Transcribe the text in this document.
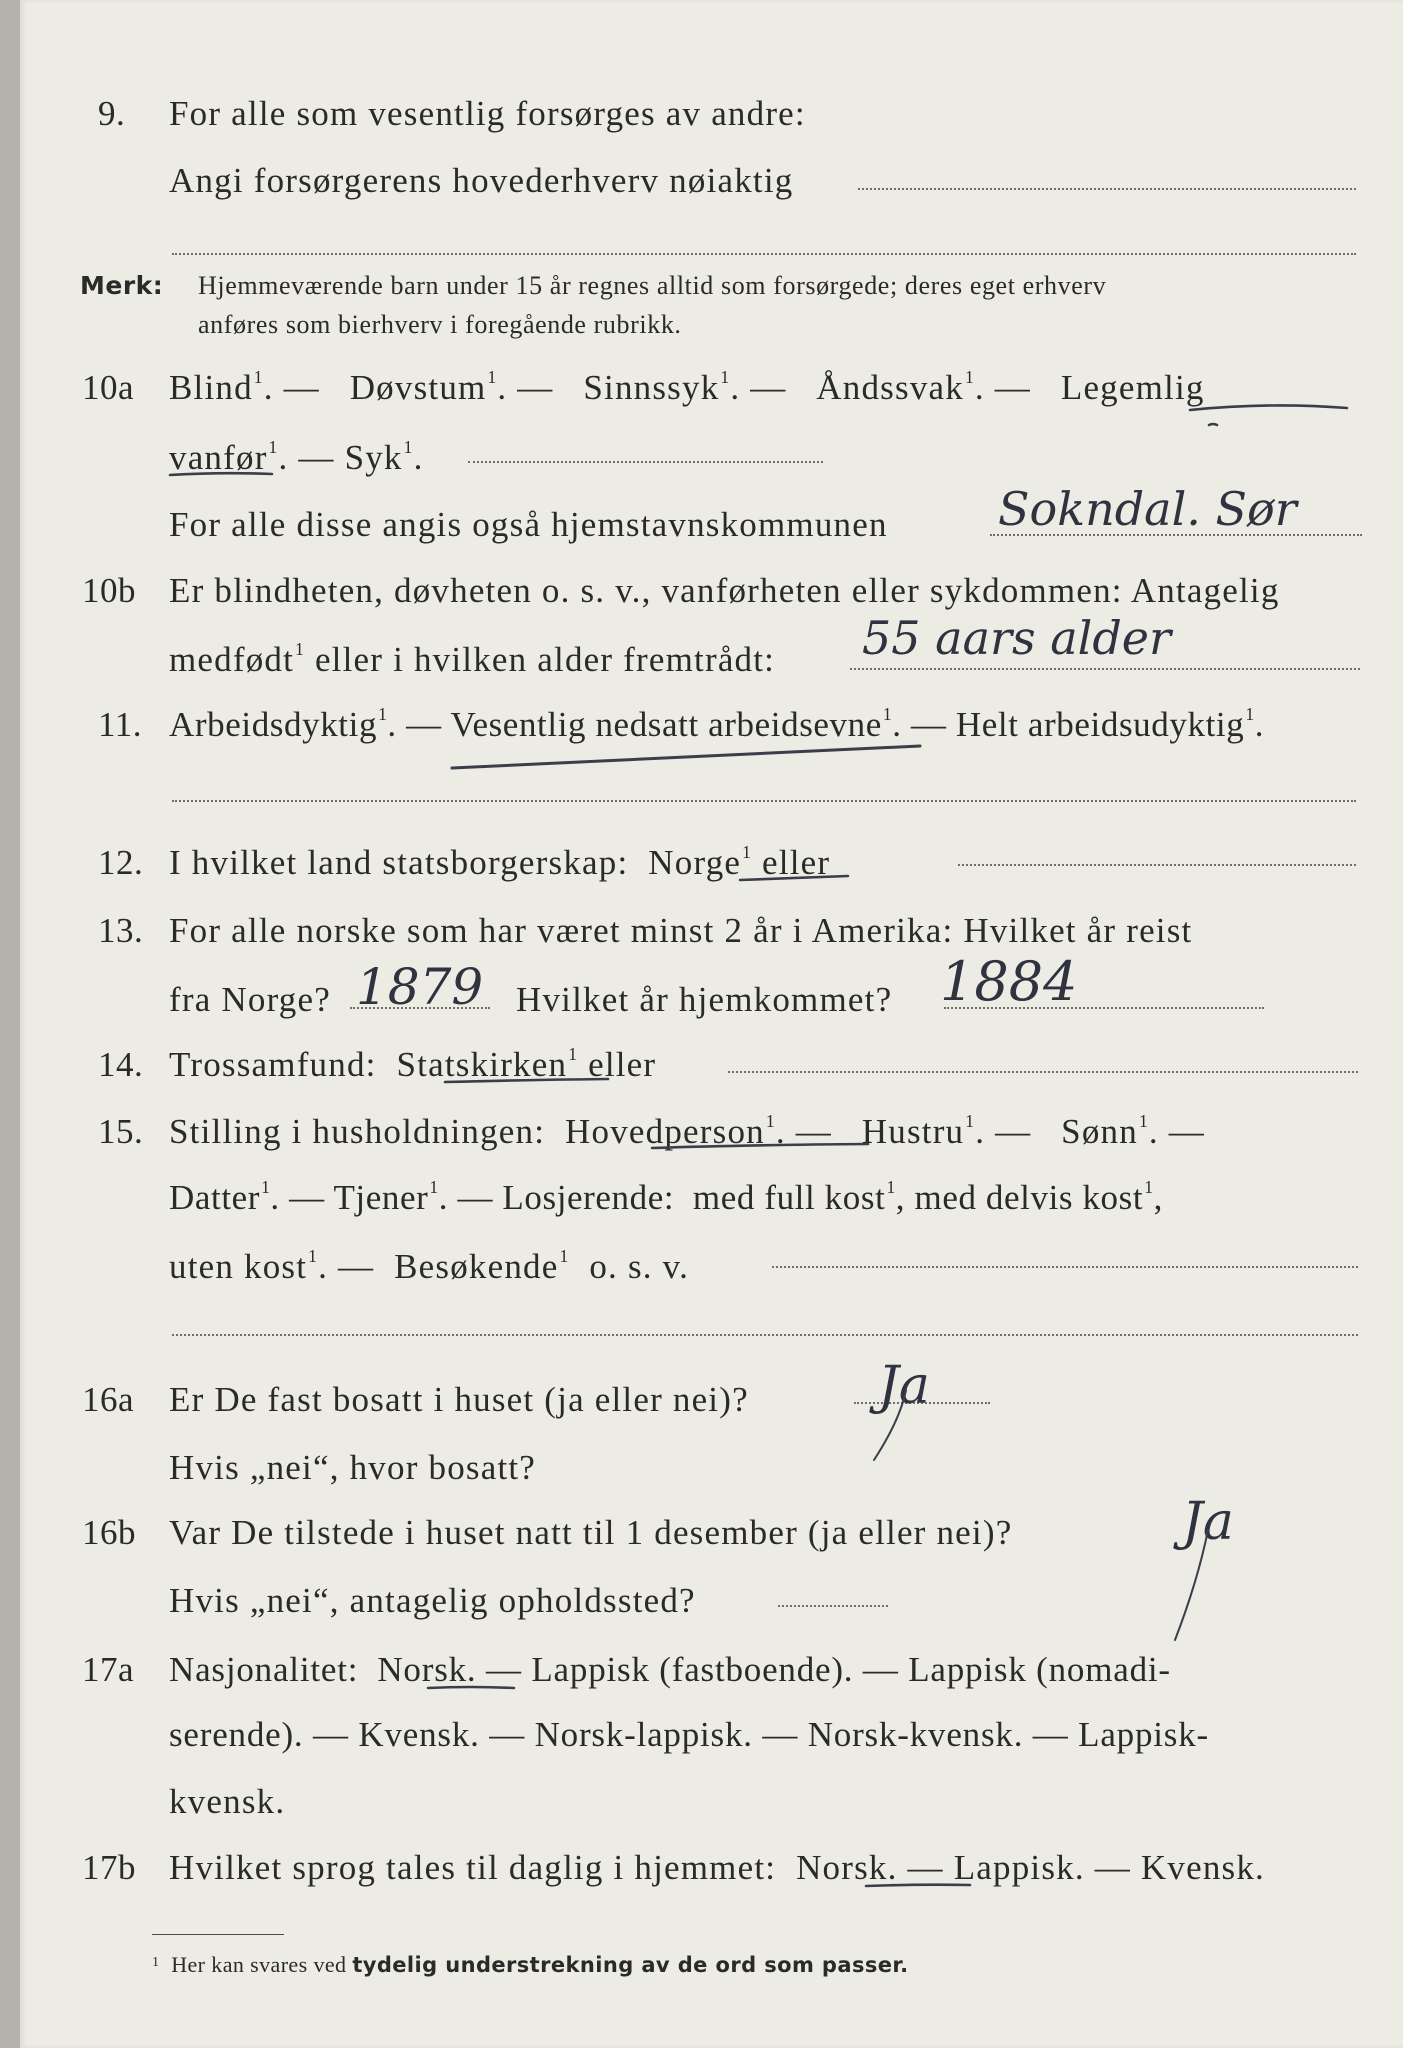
9. For alle som vesentlig forsørges av andre:
Angi forsørgerens hovederhverv nøiaktig
Merk: Hjemmeværende barn under 15 år regnes alltid som forsørgede; deres eget erhverv
anføres som bierhverv i foregående rubrikk.
10a Blind$^1$. —   Døvstum$^1$. —   Sinnssyk$^1$. —   Åndssvak$^1$. —   Legemlig
vanfør$^1$. — Syk$^1$.
For alle disse angis også hjemstavnskommunen Sokndal. Sør
10b Er blindheten, døvheten o. s. v., vanførheten eller sykdommen: Antagelig
medfødt$^1$ eller i hvilken alder fremtrådt: 55 aars alder
11. Arbeidsdyktig$^1$. — Vesentlig nedsatt arbeidsevne$^1$. — Helt arbeidsudyktig$^1$.
12. I hvilket land statsborgerskap: Norge$^1$ eller
13. For alle norske som har været minst 2 år i Amerika: Hvilket år reist
fra Norge?	Hvilket år hjemkommet?
1879	1884
14. Trossamfund: Statskirken$^1$ eller
15. Stilling i husholdningen: Hovedperson$^1$. —   Hustru$^1$. —   Sønn$^1$. —
Datter$^1$. — Tjener$^1$. — Losjerende: med full kost$^1$, med delvis kost$^1$,
uten kost$^1$. —  Besøkende$^1$ o. s. v.
16a Er De fast bosatt i huset (ja eller nei)?
Hvis „nei“, hvor bosatt?
Ja
16b Var De tilstede i huset natt til 1 desember (ja eller nei)?
Hvis „nei“, antagelig opholdssted?
Ja
17a Nasjonalitet: Norsk. — Lappisk (fastboende). — Lappisk (nomadi-
serende). — Kvensk. — Norsk-lappisk. — Norsk-kvensk. — Lappisk-
kvensk.
17b Hvilket sprog tales til daglig i hjemmet: Norsk. — Lappisk. — Kvensk.
$^1$ Her kan svares ved tydelig understrekning av de ord som passer.
